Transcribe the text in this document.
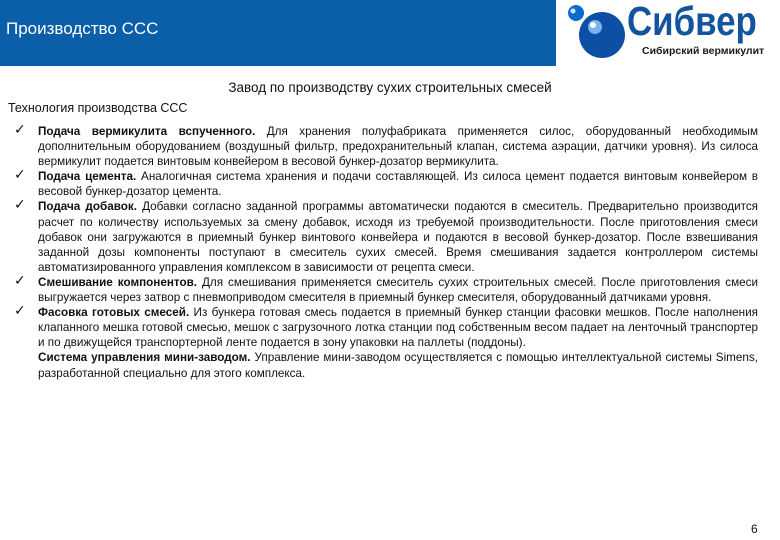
Производство ССС	Сибвер
Сибирский вермикулит
Завод по производству сухих строительных смесей
Технология производства ССС
✓ Подача вермикулита вспученного. Для хранения полуфабриката применяется силос, оборудованный необходимым дополнительным оборудованием (воздушный фильтр, предохранительный клапан, система аэрации, датчики уровня). Из силоса вермикулит подается винтовым конвейером в весовой бункер-дозатор вермикулита.
✓ Подача цемента. Аналогичная система хранения и подачи составляющей. Из силоса цемент подается винтовым конвейером в весовой бункер-дозатор цемента.
✓ Подача добавок. Добавки согласно заданной программы автоматически подаются в смеситель. Предварительно производится расчет по количеству используемых за смену добавок, исходя из требуемой производительности. После приготовления смеси добавок они загружаются в приемный бункер винтового конвейера и подаются в весовой бункер-дозатор. После взвешивания заданной дозы компоненты поступают в смеситель сухих смесей. Время смешивания задается контроллером системы автоматизированного управления комплексом в зависимости от рецепта смеси.
✓ Смешивание компонентов. Для смешивания применяется смеситель сухих строительных смесей. После приготовления смеси выгружается через затвор с пневмоприводом смесителя в приемный бункер смесителя, оборудованный датчиками уровня.
✓ Фасовка готовых смесей. Из бункера готовая смесь подается в приемный бункер станции фасовки мешков. После наполнения клапанного мешка готовой смесью, мешок с загрузочного лотка станции под собственным весом падает на ленточный транспортер и по движущейся транспортерной ленте подается в зону упаковки на паллеты (поддоны).
Система управления мини-заводом. Управление мини-заводом осуществляется с помощью интеллектуальной системы Simens, разработанной специально для этого комплекса.
6
